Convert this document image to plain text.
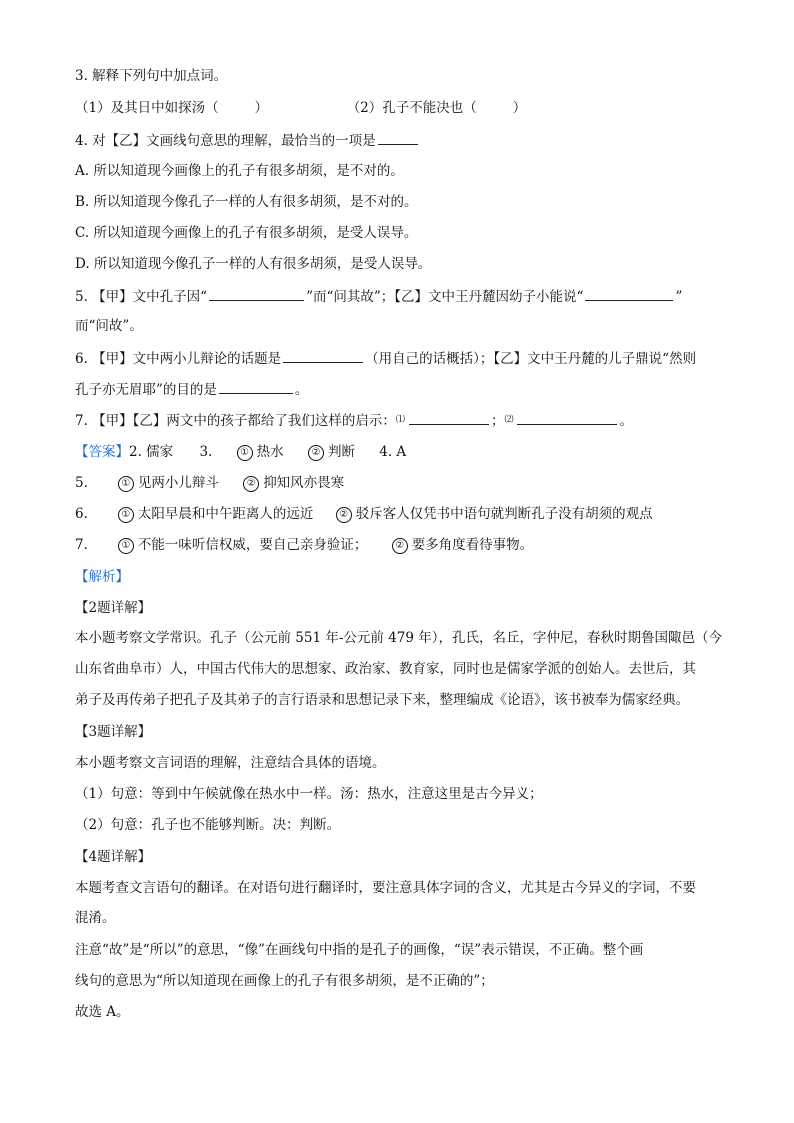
3. 解释下列句中加点词。
（1）及其日中如探汤（	）	（2）孔子不能决也（	）
4. 对【乙】文画线句意思的理解，最恰当的一项是
A. 所以知道现今画像上的孔子有很多胡须，是不对的。
B. 所以知道现今像孔子一样的人有很多胡须，是不对的。
C. 所以知道现今画像上的孔子有很多胡须，是受人误导。
D. 所以知道现今像孔子一样的人有很多胡须，是受人误导。
5. 【甲】文中孔子因“	”而“问其故”；【乙】文中王丹麓因幼子小能说“	”
而“问故”。
6. 【甲】文中两小儿辩论的话题是	（用自己的话概括）；【乙】文中王丹麓的儿子鼎说“然则
孔子亦无眉耶”的目的是	。
7. 【甲】【乙】两文中的孩子都给了我们这样的启示：⑴	；⑵	。
【答案】2. 儒家 3.	① 热水	② 判断 4. A
5.	① 见两小儿辩斗	② 抑知风亦畏寒
6.	① 太阳早晨和中午距离人的远近	② 驳斥客人仅凭书中语句就判断孔子没有胡须的观点
7.	① 不能一味听信权威，要自己亲身验证；	② 要多角度看待事物。
【解析】
【2题详解】
本小题考察文学常识。孔子（公元前 551 年-公元前 479 年），孔氏，名丘，字仲尼，春秋时期鲁国陬邑（今
山东省曲阜市）人，中国古代伟大的思想家、政治家、教育家，同时也是儒家学派的创始人。去世后，其
弟子及再传弟子把孔子及其弟子的言行语录和思想记录下来，整理编成《论语》，该书被奉为儒家经典。
【3题详解】
本小题考察文言词语的理解，注意结合具体的语境。
（1）句意：等到中午候就像在热水中一样。汤：热水，注意这里是古今异义；
（2）句意：孔子也不能够判断。决：判断。
【4题详解】
本题考查文言语句的翻译。在对语句进行翻译时，要注意具体字词的含义，尤其是古今异义的字词，不要
混淆。
注意“故”是“所以”的意思，“像”在画线句中指的是孔子的画像，“误”表示错误，不正确。整个画
线句的意思为“所以知道现在画像上的孔子有很多胡须，是不正确的”；
故选 A。
